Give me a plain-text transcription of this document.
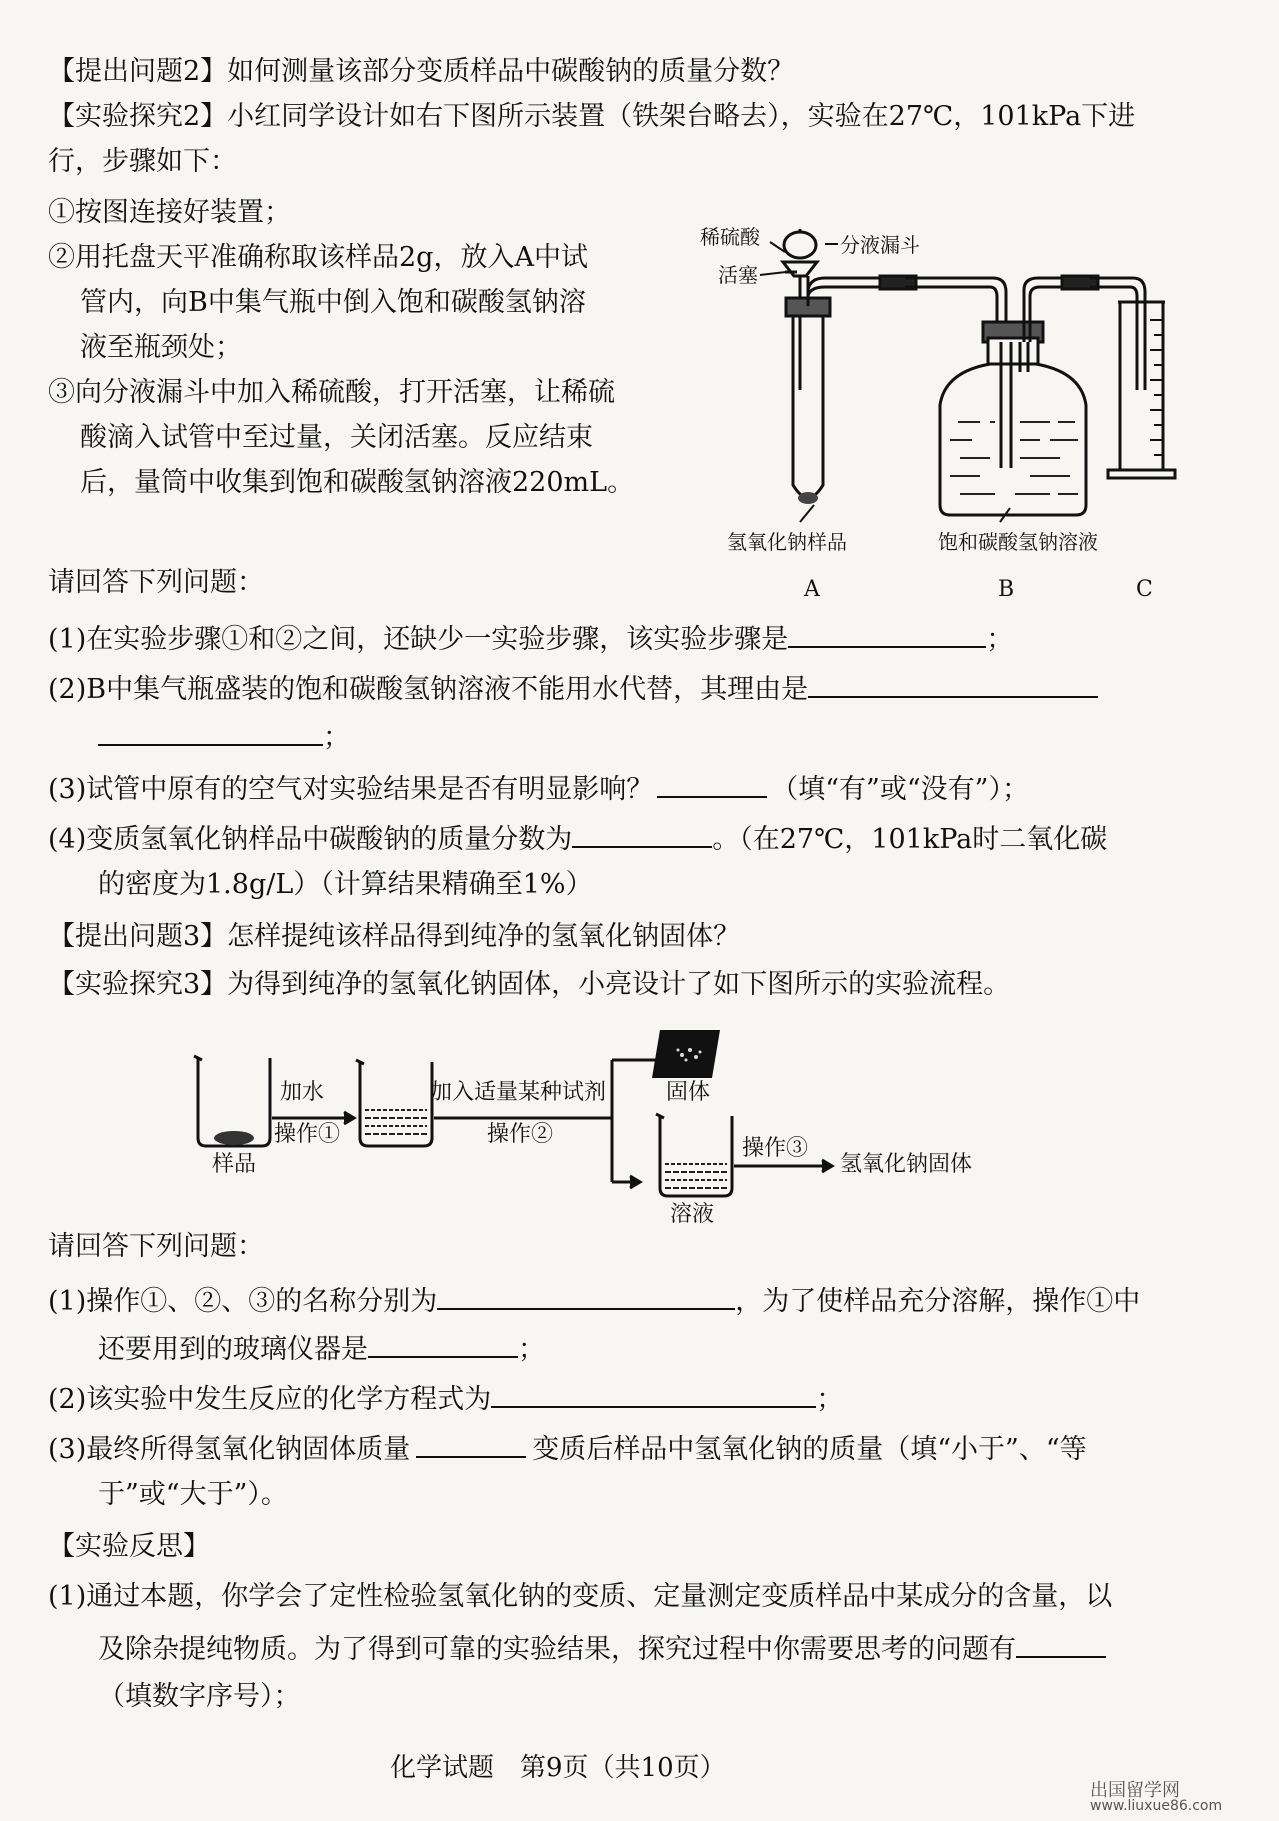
【提出问题2】如何测量该部分变质样品中碳酸钠的质量分数？
【实验探究2】小红同学设计如右下图所示装置（铁架台略去），实验在27℃，101kPa下进
行，步骤如下：
①按图连接好装置；
②用托盘天平准确称取该样品2g，放入A中试
管内，向B中集气瓶中倒入饱和碳酸氢钠溶
液至瓶颈处；
③向分液漏斗中加入稀硫酸，打开活塞，让稀硫
酸滴入试管中至过量，关闭活塞。反应结束
后，量筒中收集到饱和碳酸氢钠溶液220mL。
稀硫酸	分液漏斗
活塞
氢氧化钠样品	饱和碳酸氢钠溶液
A	B	C
请回答下列问题：
(1)在实验步骤①和②之间，还缺少一实验步骤，该实验步骤是	；
(2)B中集气瓶盛装的饱和碳酸氢钠溶液不能用水代替，其理由是
；
(3)试管中原有的空气对实验结果是否有明显影响？	（填“有”或“没有”）；
(4)变质氢氧化钠样品中碳酸钠的质量分数为	。（在27℃，101kPa时二氧化碳
的密度为1.8g/L）（计算结果精确至1%）
【提出问题3】怎样提纯该样品得到纯净的氢氧化钠固体？
【实验探究3】为得到纯净的氢氧化钠固体，小亮设计了如下图所示的实验流程。
加水
操作①
样品
加入适量某种试剂
操作②
固体
操作③
氢氧化钠固体
溶液
请回答下列问题：
(1)操作①、②、③的名称分别为	，为了使样品充分溶解，操作①中
还要用到的玻璃仪器是	；
(2)该实验中发生反应的化学方程式为	；
(3)最终所得氢氧化钠固体质量	变质后样品中氢氧化钠的质量（填“小于”、“等
于”或“大于”）。
【实验反思】
(1)通过本题，你学会了定性检验氢氧化钠的变质、定量测定变质样品中某成分的含量，以
及除杂提纯物质。为了得到可靠的实验结果，探究过程中你需要思考的问题有
（填数字序号）；
化学试题　第9页（共10页）
出国留学网
www.liuxue86.com
